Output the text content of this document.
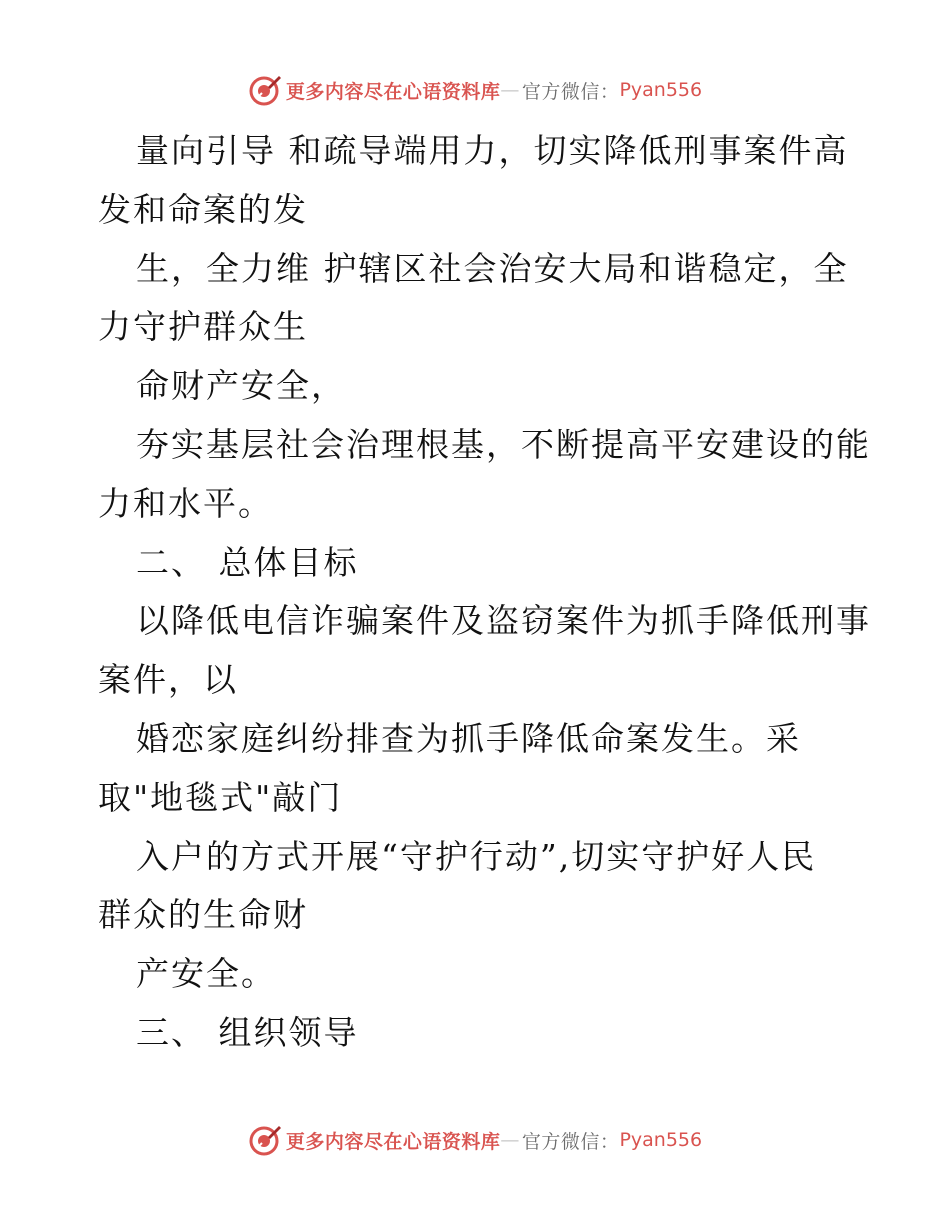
更多内容尽在心语资料库 — 官方微信： Pyan556
量向引导 和疏导端用力，切实降低刑事案件高
发和命案的发
生，全力维 护辖区社会治安大局和谐稳定，全
力守护群众生
命财产安全，
夯实基层社会治理根基，不断提高平安建设的能
力和水平。
二、 总体目标
以降低电信诈骗案件及盗窃案件为抓手降低刑事
案件，以
婚恋家庭纠纷排查为抓手降低命案发生。采
取"地毯式"敲门
入户的方式开展“守护行动”,切实守护好人民
群众的生命财
产安全。
三、 组织领导
更多内容尽在心语资料库 — 官方微信： Pyan556
